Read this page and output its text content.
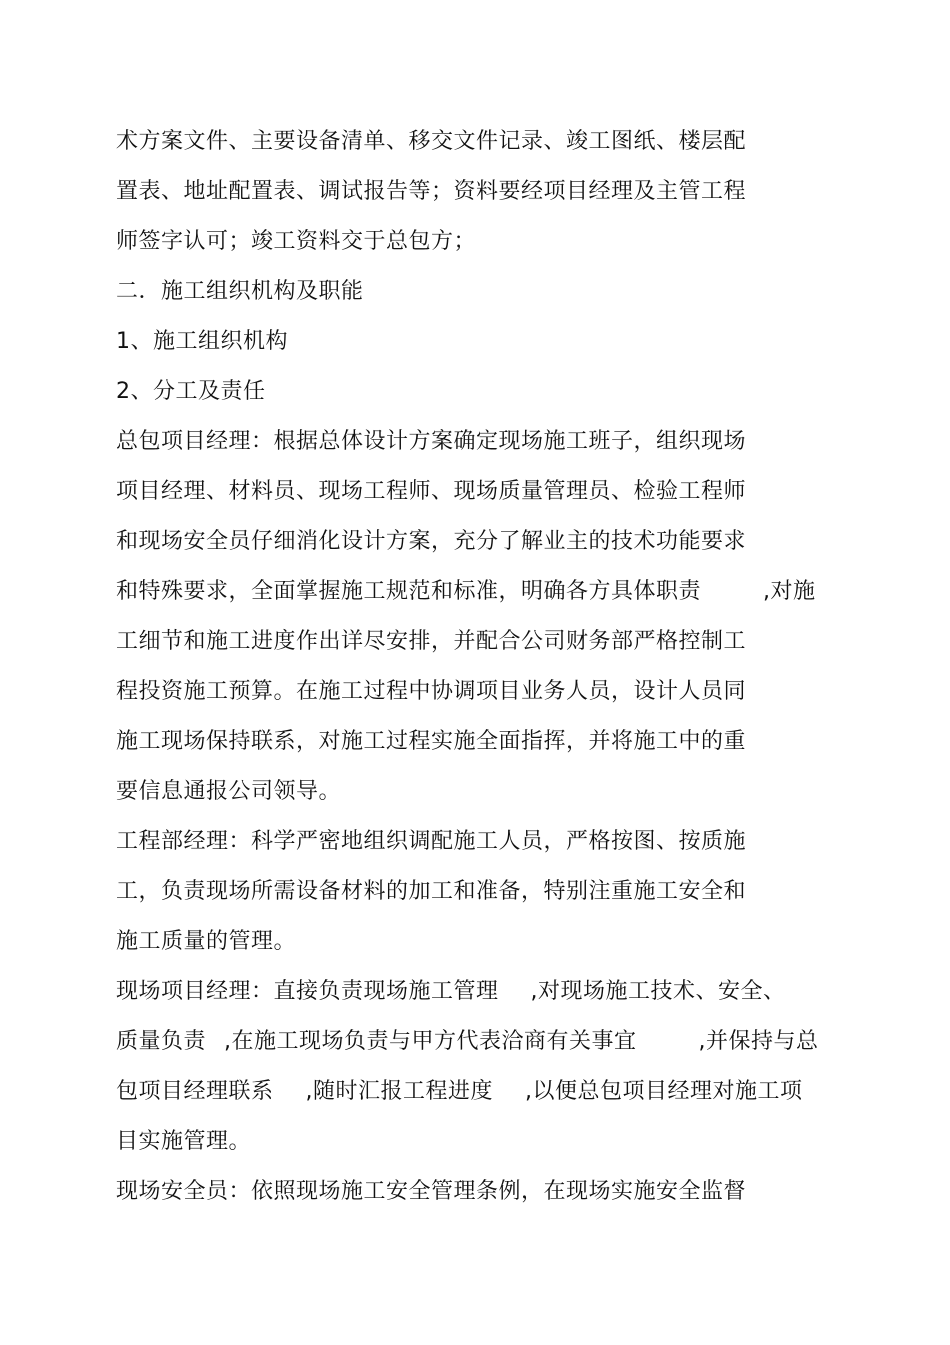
术方案文件、主要设备清单、移交文件记录、竣工图纸、楼层配
置表、地址配置表、调试报告等；资料要经项目经理及主管工程
师签字认可；竣工资料交于总包方；
二．施工组织机构及职能
1、施工组织机构
2、分工及责任
总包项目经理：根据总体设计方案确定现场施工班子，组织现场
项目经理、材料员、现场工程师、现场质量管理员、检验工程师
和现场安全员仔细消化设计方案，充分了解业主的技术功能要求
和特殊要求，全面掌握施工规范和标准，明确各方具体职责	,对施
工细节和施工进度作出详尽安排，并配合公司财务部严格控制工
程投资施工预算。在施工过程中协调项目业务人员，设计人员同
施工现场保持联系，对施工过程实施全面指挥，并将施工中的重
要信息通报公司领导。
工程部经理：科学严密地组织调配施工人员，严格按图、按质施
工，负责现场所需设备材料的加工和准备，特别注重施工安全和
施工质量的管理。
现场项目经理：直接负责现场施工管理 ,对现场施工技术、安全、
质量负责 ,在施工现场负责与甲方代表洽商有关事宜	,并保持与总
包项目经理联系 ,随时汇报工程进度 ,以便总包项目经理对施工项
目实施管理。
现场安全员：依照现场施工安全管理条例，在现场实施安全监督
